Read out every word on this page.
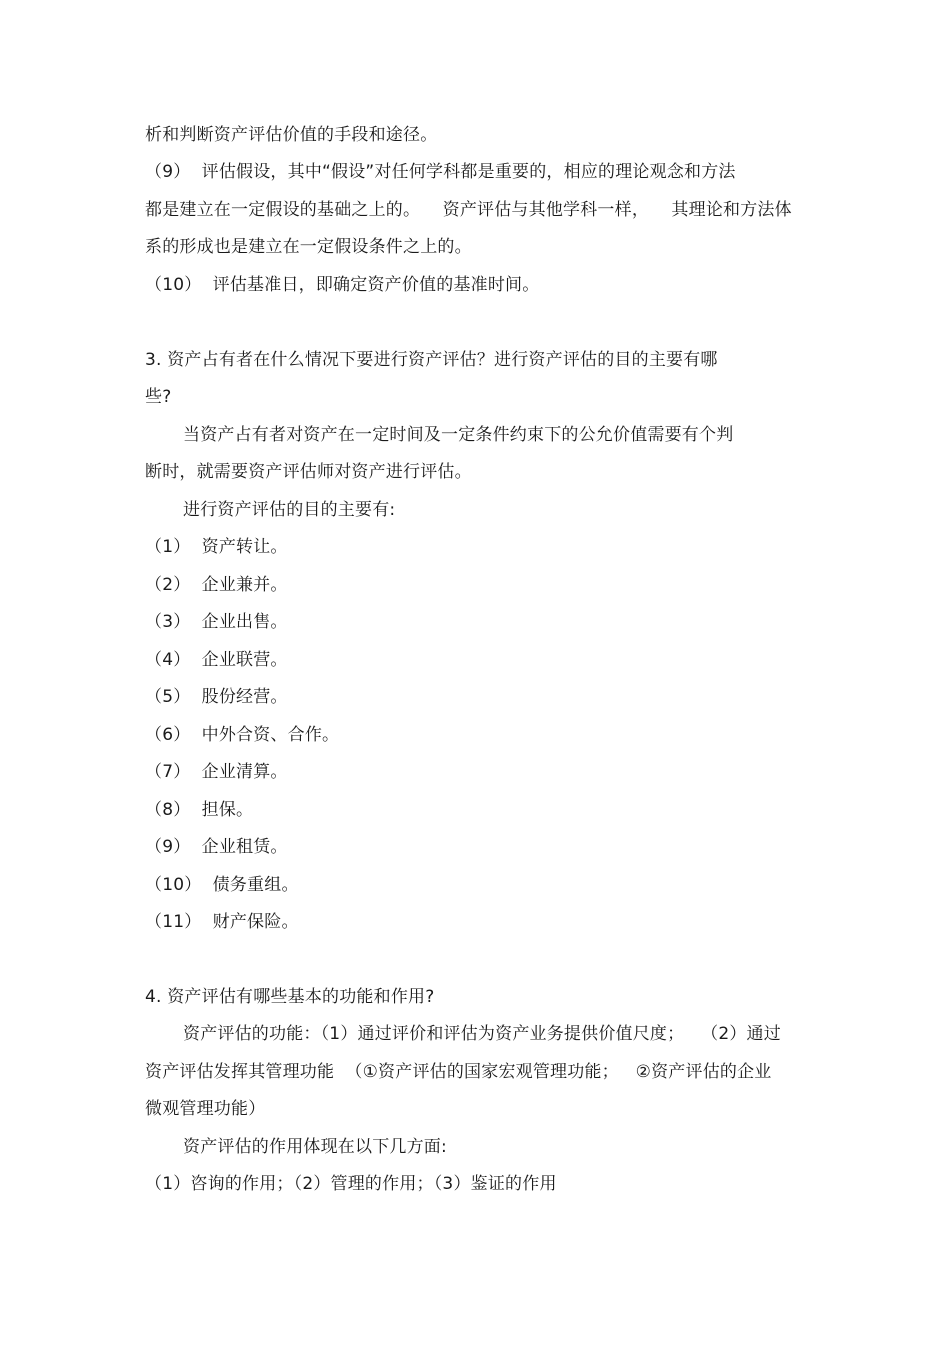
析和判断资产评估价值的手段和途径。
（9）  评估假设，其中“假设”对任何学科都是重要的，相应的理论观念和方法
都是建立在一定假设的基础之上的。    资产评估与其他学科一样，    其理论和方法体
系的形成也是建立在一定假设条件之上的。
（10）  评估基准日，即确定资产价值的基准时间。
3. 资产占有者在什么情况下要进行资产评估？进行资产评估的目的主要有哪
些?
当资产占有者对资产在一定时间及一定条件约束下的公允价值需要有个判
断时，就需要资产评估师对资产进行评估。
进行资产评估的目的主要有:
（1）  资产转让。
（2）  企业兼并。
（3）  企业出售。
（4）  企业联营。
（5）  股份经营。
（6）  中外合资、合作。
（7）  企业清算。
（8）  担保。
（9）  企业租赁。
（10）  债务重组。
（11）  财产保险。
4. 资产评估有哪些基本的功能和作用?
资产评估的功能：（1）通过评价和评估为资产业务提供价值尺度；   （2）通过
资产评估发挥其管理功能  （①资产评估的国家宏观管理功能；   ②资产评估的企业
微观管理功能）
资产评估的作用体现在以下几方面:
（1）咨询的作用；（2）管理的作用；（3）鉴证的作用
